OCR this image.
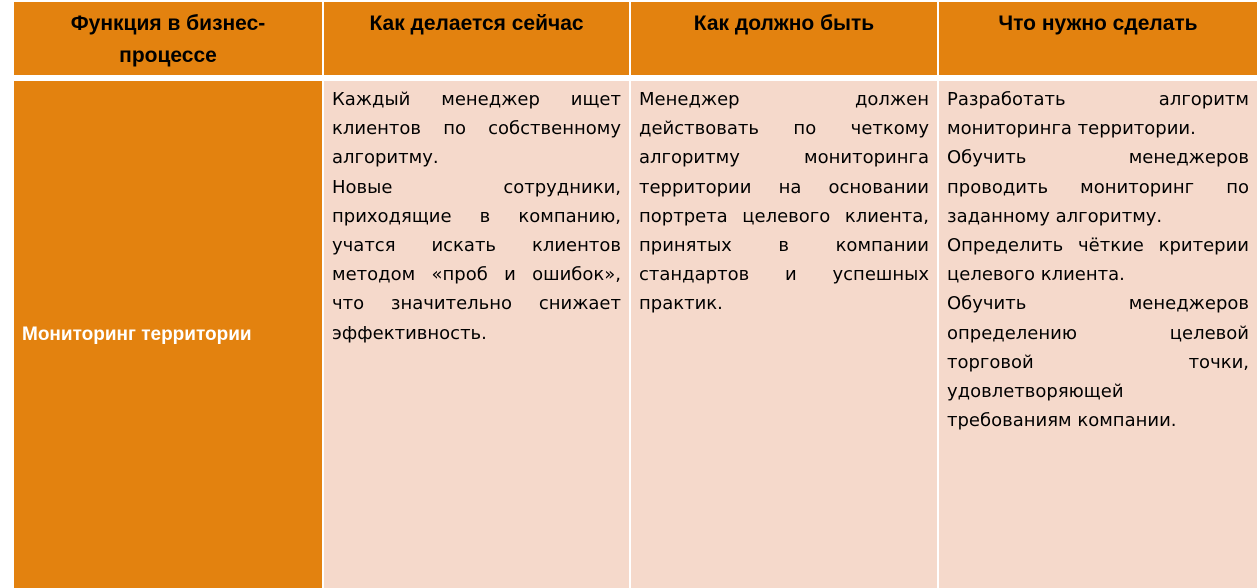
Функция в бизнес-процессе
Как делается сейчас	Как должно быть	Что нужно сделать
Мониторинг территории

Каждый менеджер ищет клиентов по собственному алгоритму.

Новые сотрудники, приходящие в компанию, учатся искать клиентов методом «проб и ошибок», что значительно снижает эффективность.

Менеджер должен действовать по четкому алгоритму мониторинга территории на основании портрета целевого клиента, принятых в компании стандартов и успешных практик.

Разработать алгоритм мониторинга территории.

Обучить менеджеров проводить мониторинг по заданному алгоритму.

Определить чёткие критерии целевого клиента.

Обучить менеджеров определению целевой торговой точки, удовлетворяющей требованиям компании.
